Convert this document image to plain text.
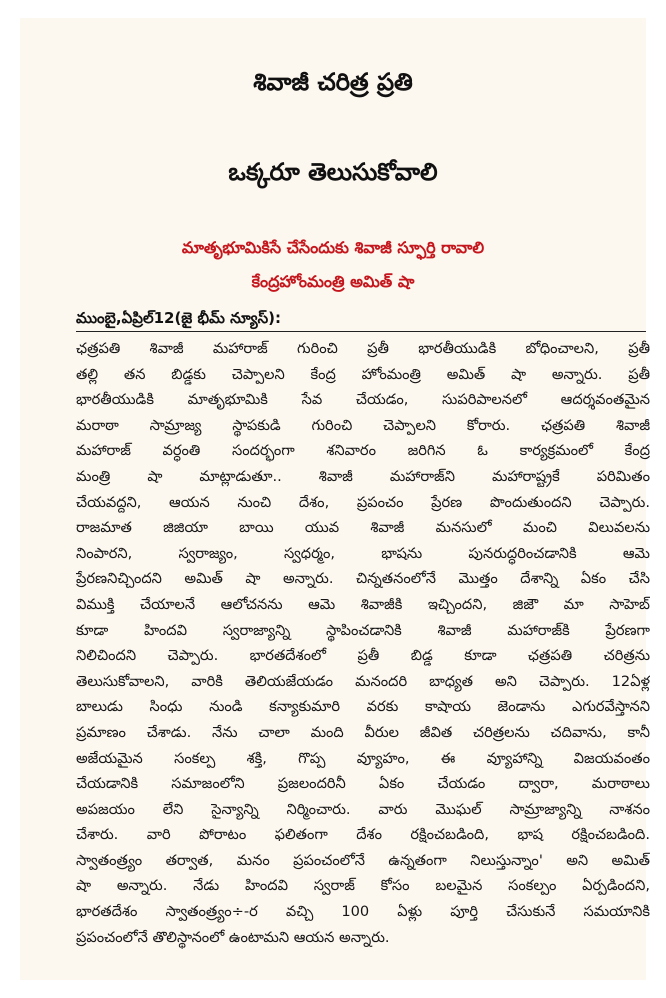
శివాజీ చరిత్ర ప్రతి
ఒక్కరూ తెలుసుకోవాలి
మాతృభూమికిసే చేసేందుకు శివాజీ స్ఫూర్తి రావాలి
కేంద్రహోంమంత్రి అమిత్ షా
ముంబై,ఏప్రిల్12(జై భీమ్ న్యూస్):
ఛత్రపతి శివాజీ మహారాజ్ గురించి ప్రతీ భారతీయుడికి బోధించాలని, ప్రతీ
తల్లి తన బిడ్డకు చెప్పాలని కేంద్ర హోంమంత్రి అమిత్ షా అన్నారు. ప్రతీ
భారతీయుడికి మాతృభూమికి సేవ చేయడం, సుపరిపాలనలో ఆదర్శవంతమైన
మరాఠా సామ్రాజ్య స్థాపకుడి గురించి చెప్పాలని కోరారు. ఛత్రపతి శివాజీ
మహారాజ్ వర్ధంతి సందర్భంగా శనివారం జరిగిన ఓ కార్యక్రమంలో కేంద్ర
మంత్రి షా మాట్లాడుతూ.. శివాజీ మహారాజ్‌ని మహారాష్ట్రకే పరిమితం
చేయవద్దని, ఆయన నుంచి దేశం, ప్రపంచం ప్రేరణ పొందుతుందని చెప్పారు.
రాజమాత జిజియా బాయి యువ శివాజీ మనసులో మంచి విలువలను
నింపారని, స్వరాజ్యం, స్వధర్మం, భాషను పునరుద్ధరించడానికి ఆమె
ప్రేరణనిచ్చిందని అమిత్ షా అన్నారు. చిన్నతనంలోనే మొత్తం దేశాన్ని ఏకం చేసి
విముక్తి చేయాలనే ఆలోచనను ఆమె శివాజీకి ఇచ్చిందని, జిజౌ మా సాహెబ్
కూడా హిందవి స్వరాజ్యాన్ని స్థాపించడానికి శివాజీ మహారాజ్‌కి ప్రేరణగా
నిలిచిందని చెప్పారు. భారతదేశంలో ప్రతీ బిడ్డ కూడా ఛత్రపతి చరిత్రను
తెలుసుకోవాలని, వారికి తెలియజేయడం మనందరి బాధ్యత అని చెప్పారు. 12ఏళ్ల
బాలుడు సింధు నుండి కన్యాకుమారి వరకు కాషాయ జెండాను ఎగురవేస్తానని
ప్రమాణం చేశాడు. నేను చాలా మంది వీరుల జీవిత చరిత్రలను చదివాను, కానీ
అజేయమైన సంకల్ప శక్తి, గొప్ప వ్యూహం, ఈ వ్యూహాన్ని విజయవంతం
చేయడానికి సమాజంలోని ప్రజలందరినీ ఏకం చేయడం ద్వారా, మరాఠాలు
అపజయం లేని సైన్యాన్ని నిర్మించారు. వారు మొఘల్ సామ్రాజ్యాన్ని నాశనం
చేశారు. వారి పోరాటం ఫలితంగా దేశం రక్షించబడింది, భాష రక్షించబడింది.
స్వాతంత్ర్యం తర్వాత, మనం ప్రపంచంలోనే ఉన్నతంగా నిలుస్తున్నాం' అని అమిత్
షా అన్నారు. నేడు హిందవి స్వరాజ్ కోసం బలమైన సంకల్పం ఏర్పడిందని,
భారతదేశం స్వాతంత్ర్యం÷-ర వచ్చి 100 ఏళ్లు పూర్తి చేసుకునే సమయానికి
ప్రపంచంలోనే తొలిస్థానంలో ఉంటామని ఆయన అన్నారు.
